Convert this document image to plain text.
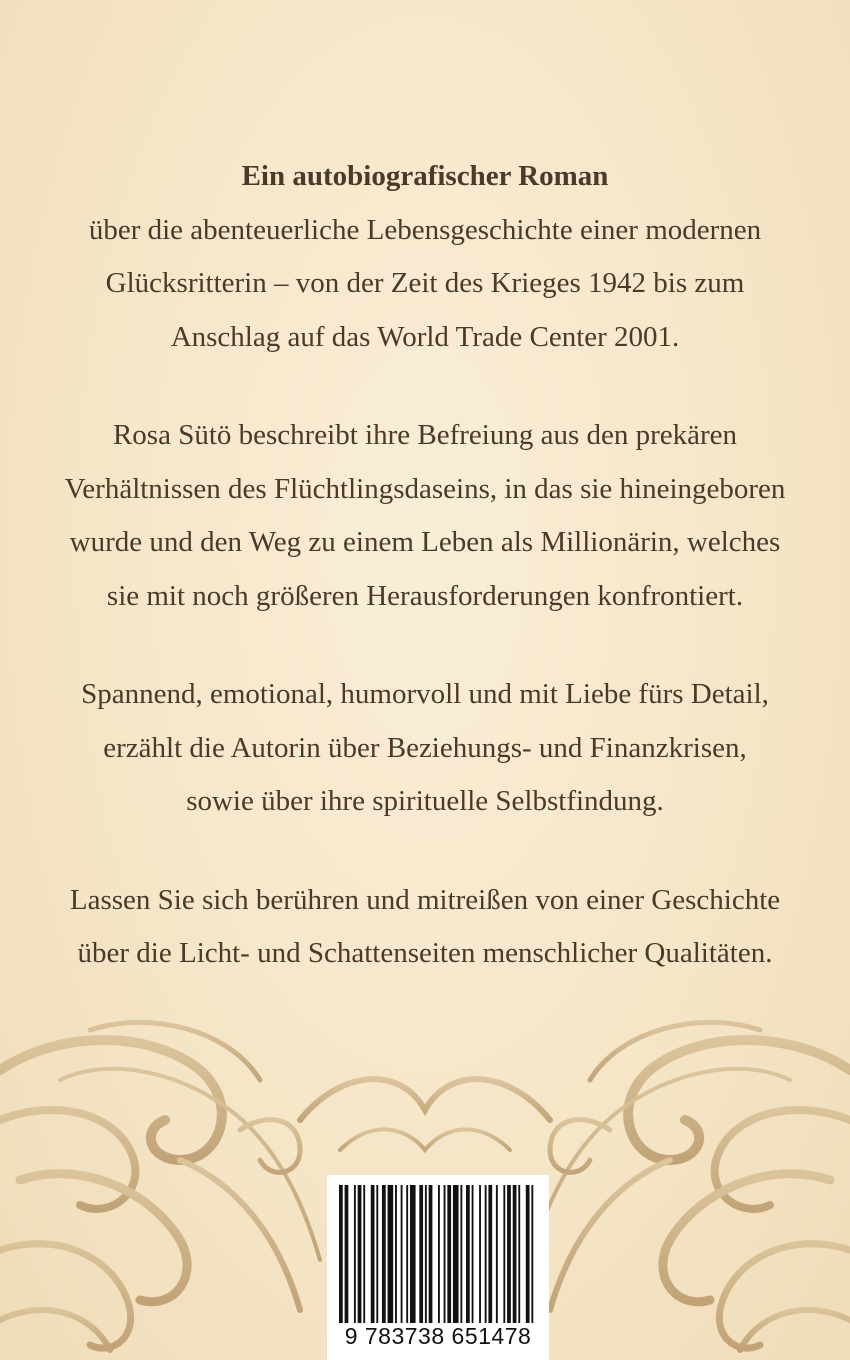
Ein autobiografischer Roman
über die abenteuerliche Lebensgeschichte einer modernen
Glücksritterin – von der Zeit des Krieges 1942 bis zum
Anschlag auf das World Trade Center 2001.

Rosa Sütö beschreibt ihre Befreiung aus den prekären
Verhältnissen des Flüchtlingsdaseins, in das sie hineingeboren
wurde und den Weg zu einem Leben als Millionärin, welches
sie mit noch größeren Herausforderungen konfrontiert.

Spannend, emotional, humorvoll und mit Liebe fürs Detail,
erzählt die Autorin über Beziehungs- und Finanzkrisen,
sowie über ihre spirituelle Selbstfindung.

Lassen Sie sich berühren und mitreißen von einer Geschichte
über die Licht- und Schattenseiten menschlicher Qualitäten.

9 783738 651478
